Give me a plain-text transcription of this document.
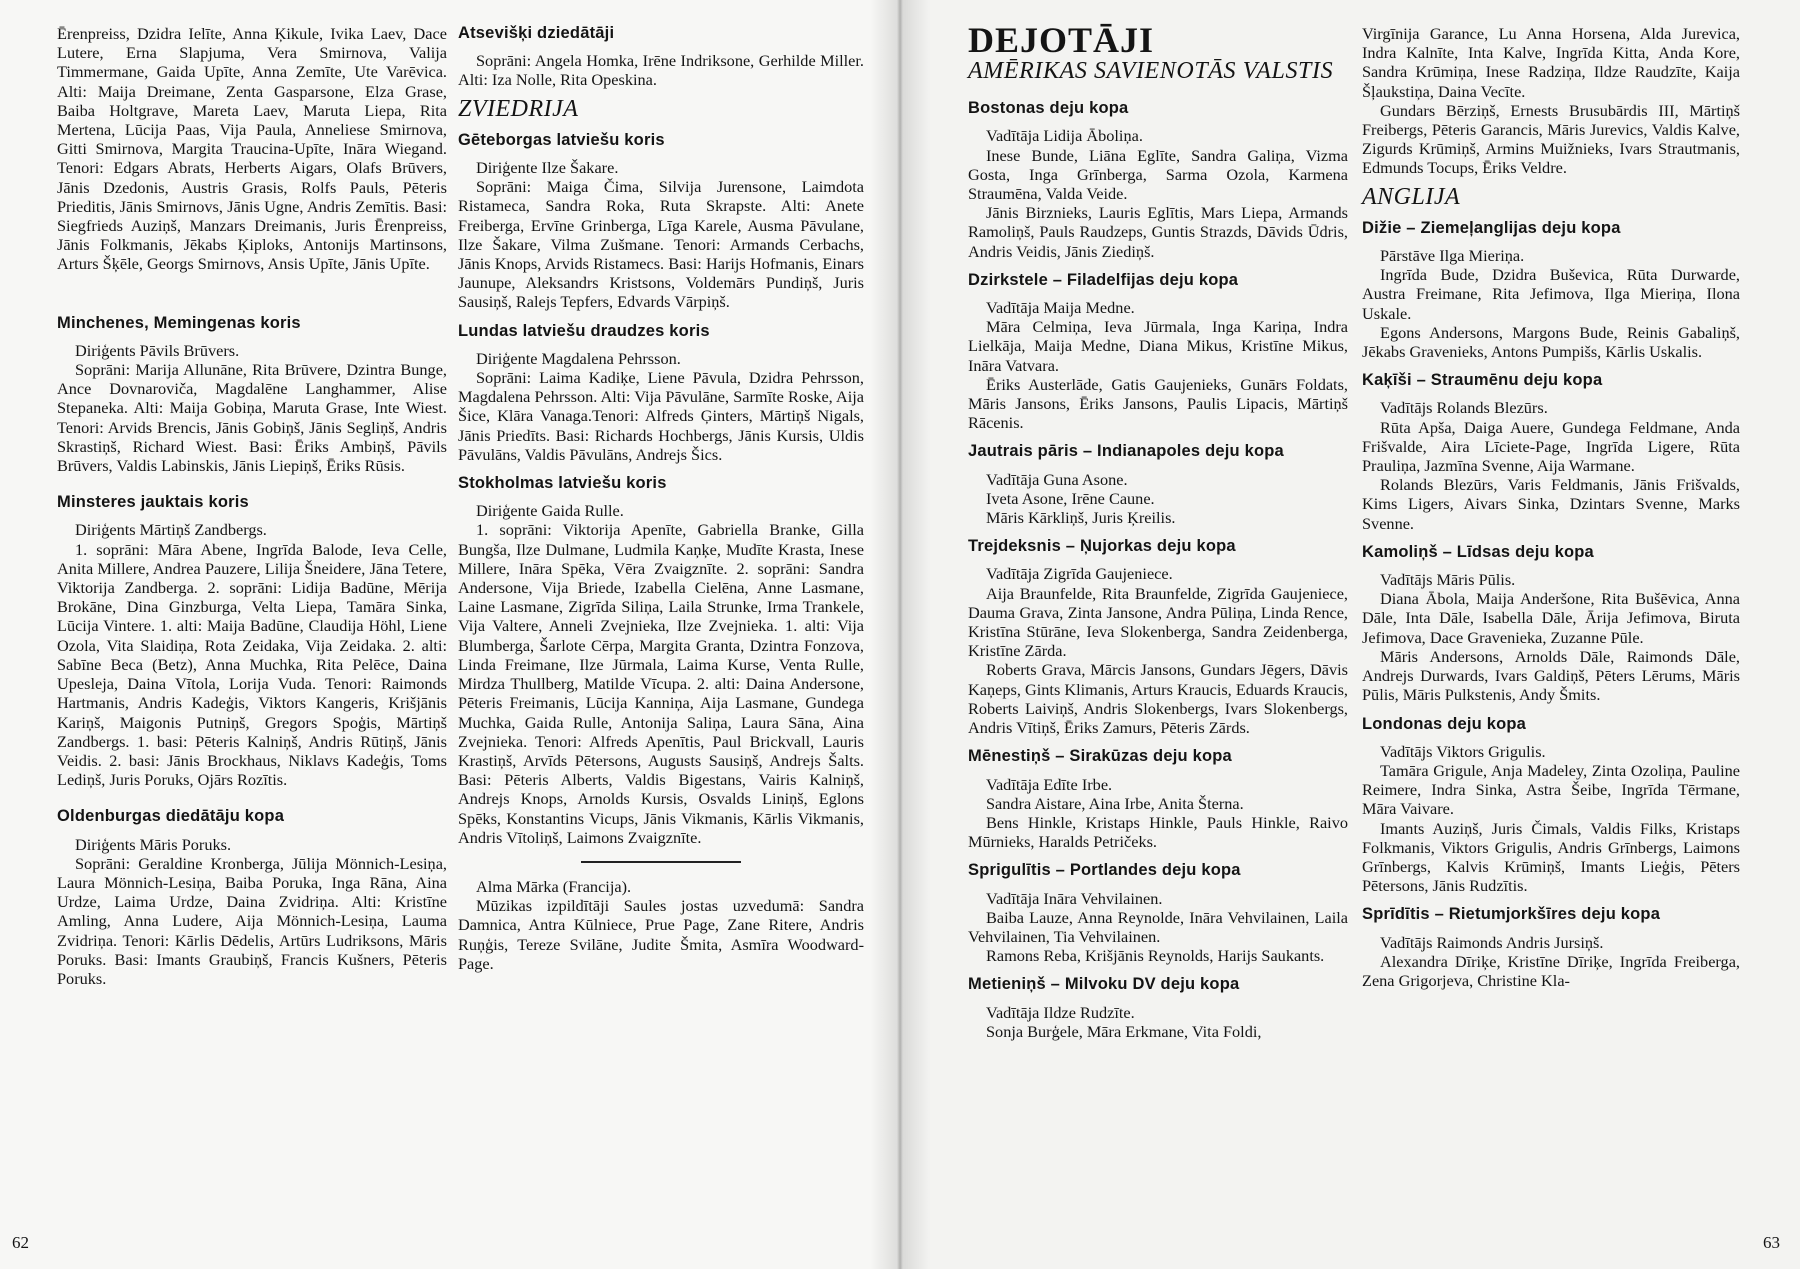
Ērenpreiss, Dzidra Ielīte, Anna Ķikule, Ivika Laev, Dace Lutere, Erna Slapjuma, Vera Smirnova, Valija Timmermane, Gaida Upīte, Anna Zemīte, Ute Varēvica. Alti: Maija Dreimane, Zenta Gasparsone, Elza Grase, Baiba Holtgrave, Mareta Laev, Maruta Liepa, Rita Mertena, Lūcija Paas, Vija Paula, Anneliese Smirnova, Gitti Smirnova, Margita Traucina-Upīte, Ināra Wiegand. Tenori: Edgars Abrats, Herberts Aigars, Olafs Brūvers, Jānis Dzedonis, Austris Grasis, Rolfs Pauls, Pēteris Prieditis, Jānis Smirnovs, Jānis Ugne, Andris Zemītis. Basi: Siegfrieds Auziņš, Manzars Dreimanis, Juris Ērenpreiss, Jānis Folkmanis, Jēkabs Ķiploks, Antonijs Martinsons, Arturs Šķēle, Georgs Smirnovs, Ansis Upīte, Jānis Upīte.

Minchenes, Memingenas koris

Diriģents Pāvils Brūvers.

Soprāni: Marija Allunāne, Rita Brūvere, Dzintra Bunge, Ance Dovnaroviča, Magdalēne Langhammer, Alise Stepaneka. Alti: Maija Gobiņa, Maruta Grase, Inte Wiest. Tenori: Arvids Brencis, Jānis Gobiņš, Jānis Segliņš, Andris Skrastiņš, Richard Wiest. Basi: Ēriks Ambiņš, Pāvils Brūvers, Valdis Labinskis, Jānis Liepiņš, Ēriks Rūsis.

Minsteres jauktais koris

Diriģents Mārtiņš Zandbergs.

1. soprāni: Māra Abene, Ingrīda Balode, Ieva Celle, Anita Millere, Andrea Pauzere, Lilija Šneidere, Jāna Tetere, Viktorija Zandberga. 2. soprāni: Lidija Badūne, Mērija Brokāne, Dina Ginzburga, Velta Liepa, Tamāra Sinka, Lūcija Vintere. 1. alti: Maija Badūne, Claudija Höhl, Liene Ozola, Vita Slaidiņa, Rota Zeidaka, Vija Zeidaka. 2. alti: Sabīne Beca (Betz), Anna Muchka, Rita Pelēce, Daina Upesleja, Daina Vītola, Lorija Vuda. Tenori: Raimonds Hartmanis, Andris Kadeģis, Viktors Kangeris, Krišjānis Kariņš, Maigonis Putniņš, Gregors Spoģis, Mārtiņš Zandbergs. 1. basi: Pēteris Kalniņš, Andris Rūtiņš, Jānis Veidis. 2. basi: Jānis Brockhaus, Niklavs Kadeģis, Toms Lediņš, Juris Poruks, Ojārs Rozītis.

Oldenburgas diedātāju kopa

Diriģents Māris Poruks.

Soprāni: Geraldine Kronberga, Jūlija Mönnich-Lesiņa, Laura Mönnich-Lesiņa, Baiba Poruka, Inga Rāna, Aina Urdze, Laima Urdze, Daina Zvidriņa. Alti: Kristīne Amling, Anna Ludere, Aija Mönnich-Lesiņa, Lauma Zvidriņa. Tenori: Kārlis Dēdelis, Artūrs Ludriksons, Māris Poruks. Basi: Imants Graubiņš, Francis Kušners, Pēteris Poruks.

Atsevišķi dziedātāji

Soprāni: Angela Homka, Irēne Indriksone, Gerhilde Miller. Alti: Iza Nolle, Rita Opeskina.

ZVIEDRIJA
Gēteborgas latviešu koris

Diriģente Ilze Šakare.

Soprāni: Maiga Čima, Silvija Jurensone, Laimdota Ristameca, Sandra Roka, Ruta Skrapste. Alti: Anete Freiberga, Ervīne Grinberga, Līga Karele, Ausma Pāvulane, Ilze Šakare, Vilma Zušmane. Tenori: Armands Cerbachs, Jānis Knops, Arvids Ristamecs. Basi: Harijs Hofmanis, Einars Jaunupe, Aleksandrs Kristsons, Voldemārs Pundiņš, Juris Sausiņš, Ralejs Tepfers, Edvards Vārpiņš.

Lundas latviešu draudzes koris

Diriģente Magdalena Pehrsson.

Soprāni: Laima Kadiķe, Liene Pāvula, Dzidra Pehrsson, Magdalena Pehrsson. Alti: Vija Pāvulāne, Sarmīte Roske, Aija Šice, Klāra Vanaga.Tenori: Alfreds Ģinters, Mārtiņš Nigals, Jānis Priedīts. Basi: Richards Hochbergs, Jānis Kursis, Uldis Pāvulāns, Valdis Pāvulāns, Andrejs Šics.

Stokholmas latviešu koris

Diriģente Gaida Rulle.

1. soprāni: Viktorija Apenīte, Gabriella Branke, Gilla Bungša, Ilze Dulmane, Ludmila Kaņķe, Mudīte Krasta, Inese Millere, Ināra Spēka, Vēra Zvaigznīte. 2. soprāni: Sandra Andersone, Vija Briede, Izabella Cielēna, Anne Lasmane, Laine Lasmane, Zigrīda Siliņa, Laila Strunke, Irma Trankele, Vija Valtere, Anneli Zvejnieka, Ilze Zvejnieka. 1. alti: Vija Blumberga, Šarlote Cērpa, Margita Granta, Dzintra Fonzova, Linda Freimane, Ilze Jūrmala, Laima Kurse, Venta Rulle, Mirdza Thullberg, Matilde Vīcupa. 2. alti: Daina Andersone, Pēteris Freimanis, Lūcija Kanniņa, Aija Lasmane, Gundega Muchka, Gaida Rulle, Antonija Saliņa, Laura Sāna, Aina Zvejnieka. Tenori: Alfreds Apenītis, Paul Brickvall, Lauris Krastiņš, Arvīds Pētersons, Augusts Sausiņš, Andrejs Šalts. Basi: Pēteris Alberts, Valdis Bigestans, Vairis Kalniņš, Andrejs Knops, Arnolds Kursis, Osvalds Liniņš, Eglons Spēks, Konstantins Vicups, Jānis Vikmanis, Kārlis Vikmanis, Andris Vītoliņš, Laimons Zvaigznīte.

Alma Mārka (Francija).

Mūzikas izpildītāji Saules jostas uzvedumā: Sandra Damnica, Antra Kūlniece, Prue Page, Zane Ritere, Andris Ruņģis, Tereze Svilāne, Judite Šmita, Asmīra Woodward-Page.

62
DEJOTĀJI
AMĒRIKAS SAVIENOTĀS VALSTIS
Bostonas deju kopa

Vadītāja Lidija Āboliņa.

Inese Bunde, Liāna Eglīte, Sandra Galiņa, Vizma Gosta, Inga Grīnberga, Sarma Ozola, Karmena Straumēna, Valda Veide.

Jānis Birznieks, Lauris Eglītis, Mars Liepa, Armands Ramoliņš, Pauls Raudzeps, Guntis Strazds, Dāvids Ūdris, Andris Veidis, Jānis Ziediņš.

Dzirkstele – Filadelfijas deju kopa

Vadītāja Maija Medne.

Māra Celmiņa, Ieva Jūrmala, Inga Kariņa, Indra Lielkāja, Maija Medne, Diana Mikus, Kristīne Mikus, Ināra Vatvara.

Ēriks Austerlāde, Gatis Gaujenieks, Gunārs Foldats, Māris Jansons, Ēriks Jansons, Paulis Lipacis, Mārtiņš Rācenis.

Jautrais pāris – Indianapoles deju kopa

Vadītāja Guna Asone.

Iveta Asone, Irēne Caune.

Māris Kārkliņš, Juris Ķreilis.

Trejdeksnis – Ņujorkas deju kopa

Vadītāja Zigrīda Gaujeniece.

Aija Braunfelde, Rita Braunfelde, Zigrīda Gaujeniece, Dauma Grava, Zinta Jansone, Andra Pūliņa, Linda Rence, Kristīna Stūrāne, Ieva Slokenberga, Sandra Zeidenberga, Kristīne Zārda.

Roberts Grava, Mārcis Jansons, Gundars Jēgers, Dāvis Kaņeps, Gints Klimanis, Arturs Kraucis, Eduards Kraucis, Roberts Laiviņš, Andris Slokenbergs, Ivars Slokenbergs, Andris Vītiņš, Ēriks Zamurs, Pēteris Zārds.

Mēnestiņš – Sirakūzas deju kopa

Vadītāja Edīte Irbe.

Sandra Aistare, Aina Irbe, Anita Šterna.

Bens Hinkle, Kristaps Hinkle, Pauls Hinkle, Raivo Mūrnieks, Haralds Petričeks.

Sprigulītis – Portlandes deju kopa

Vadītāja Ināra Vehvilainen.

Baiba Lauze, Anna Reynolde, Ināra Vehvilainen, Laila Vehvilainen, Tia Vehvilainen.

Ramons Reba, Krišjānis Reynolds, Harijs Saukants.

Metieniņš – Milvoku DV deju kopa

Vadītāja Ildze Rudzīte.

Sonja Burģele, Māra Erkmane, Vita Foldi,

Virgīnija Garance, Lu Anna Horsena, Alda Jurevica, Indra Kalnīte, Inta Kalve, Ingrīda Kitta, Anda Kore, Sandra Krūmiņa, Inese Radziņa, Ildze Raudzīte, Kaija Šļaukstiņa, Daina Vecīte.

Gundars Bērziņš, Ernests Brusubārdis III, Mārtiņš Freibergs, Pēteris Garancis, Māris Jurevics, Valdis Kalve, Zigurds Krūmiņš, Armins Muižnieks, Ivars Strautmanis, Edmunds Tocups, Ēriks Veldre.

ANGLIJA
Dižie – Ziemeļanglijas deju kopa

Pārstāve Ilga Mieriņa.

Ingrīda Bude, Dzidra Buševica, Rūta Durwarde, Austra Freimane, Rita Jefimova, Ilga Mieriņa, Ilona Uskale.

Egons Andersons, Margons Bude, Reinis Gabaliņš, Jēkabs Gravenieks, Antons Pumpišs, Kārlis Uskalis.

Kaķīši – Straumēnu deju kopa

Vadītājs Rolands Blezūrs.

Rūta Apša, Daiga Auere, Gundega Feldmane, Anda Frišvalde, Aira Līciete-Page, Ingrīda Ligere, Rūta Prauliņa, Jazmīna Svenne, Aija Warmane.

Rolands Blezūrs, Varis Feldmanis, Jānis Frišvalds, Kims Ligers, Aivars Sinka, Dzintars Svenne, Marks Svenne.

Kamoliņš – Līdsas deju kopa

Vadītājs Māris Pūlis.

Diana Ābola, Maija Anderšone, Rita Bušēvica, Anna Dāle, Inta Dāle, Isabella Dāle, Ārija Jefimova, Biruta Jefimova, Dace Gravenieka, Zuzanne Pūle.

Māris Andersons, Arnolds Dāle, Raimonds Dāle, Andrejs Durwards, Ivars Galdiņš, Pēters Lērums, Māris Pūlis, Māris Pulkstenis, Andy Šmits.

Londonas deju kopa

Vadītājs Viktors Grigulis.

Tamāra Grigule, Anja Madeley, Zinta Ozoliņa, Pauline Reimere, Indra Sinka, Astra Šeibe, Ingrīda Tērmane, Māra Vaivare.

Imants Auziņš, Juris Čimals, Valdis Filks, Kristaps Folkmanis, Viktors Grigulis, Andris Grīnbergs, Laimons Grīnbergs, Kalvis Krūmiņš, Imants Lieģis, Pēters Pētersons, Jānis Rudzītis.

Sprīdītis – Rietumjorkšīres deju kopa

Vadītājs Raimonds Andris Jursiņš.

Alexandra Dīriķe, Kristīne Dīriķe, Ingrīda Freiberga, Zena Grigorjeva, Christine Kla-

63
